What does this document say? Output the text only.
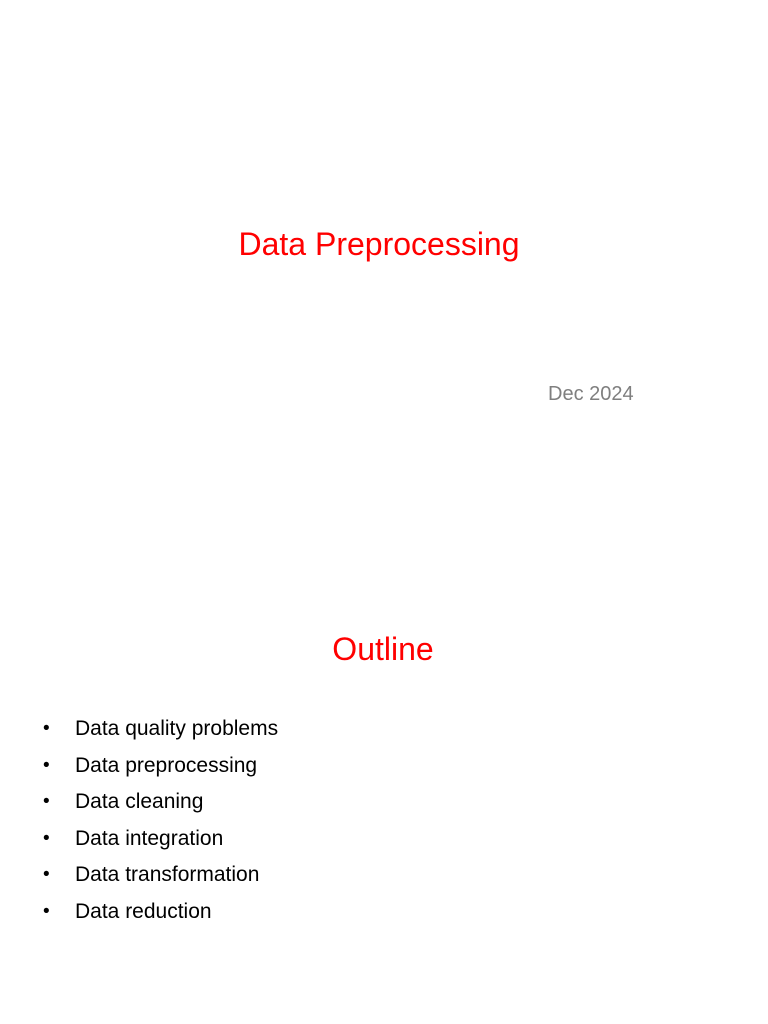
Data Preprocessing
Dec 2024
Outline
• Data quality problems
• Data preprocessing
• Data cleaning
• Data integration
• Data transformation
• Data reduction
